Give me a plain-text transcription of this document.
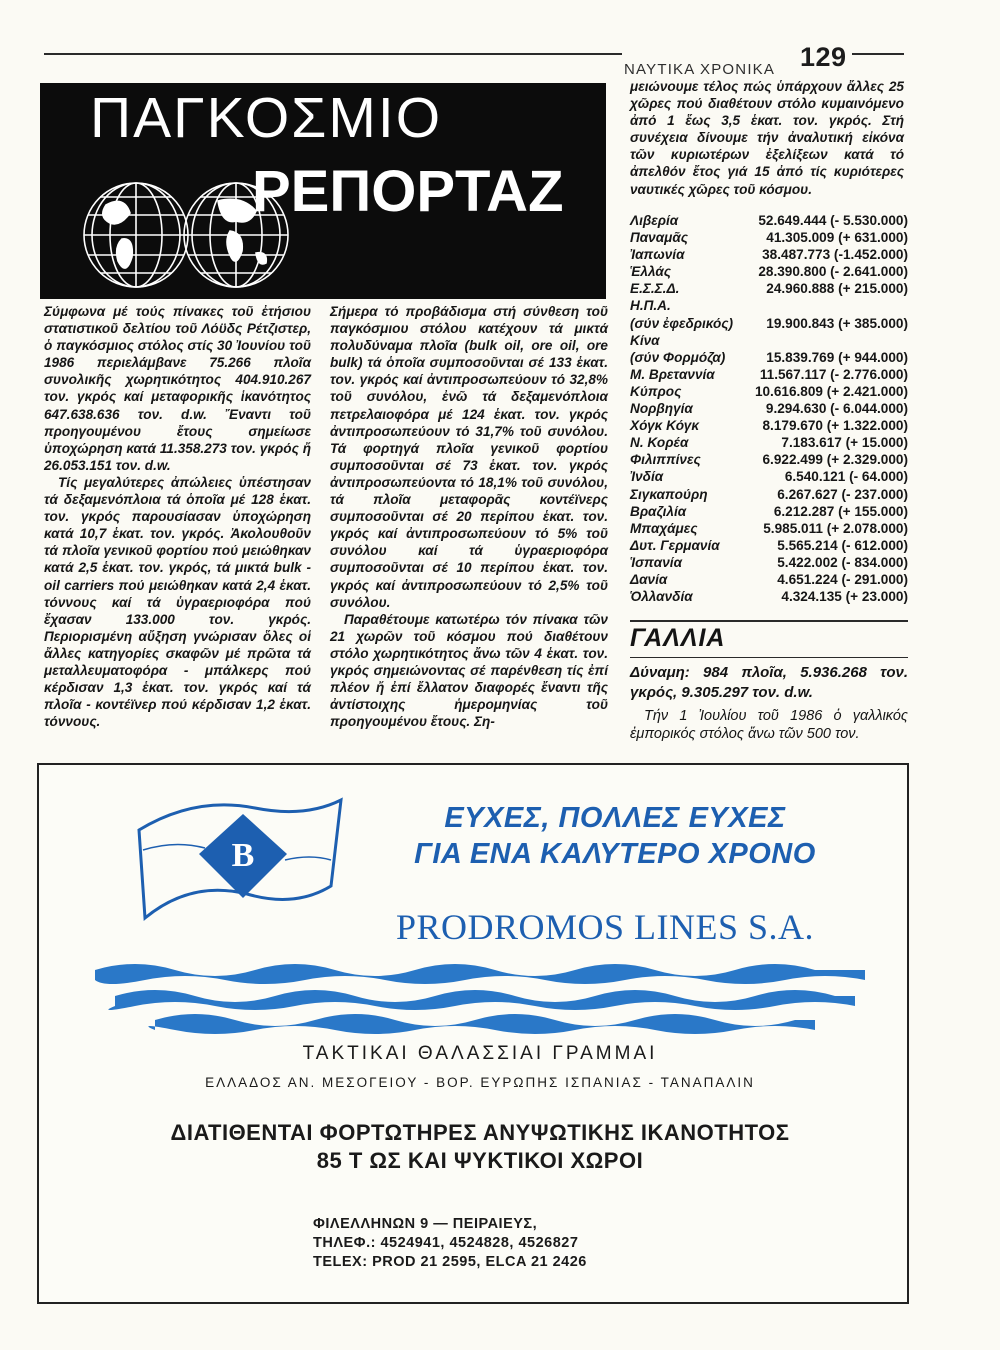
ΝΑΥΤΙΚΑ ΧΡΟΝΙΚΑ 129
ΠΑΓΚΟΣΜΙΟ
ΡΕΠΟΡΤΑΖ

Σύμφωνα μέ τούς πίνακες τοῦ ἐτήσιου στατιστικοῦ δελτίου τοῦ Λόϋδς Ρέτζιστερ, ὁ παγκόσμιος στόλος στίς 30 Ἰουνίου τοῦ 1986 περιελάμβανε 75.266 πλοῖα συνολικῆς χωρητικότητος 404.910.267 τον. γκρός καί μεταφορικῆς ἱκανότητος 647.638.636 τον. d.w. Ἔναντι τοῦ προηγουμένου ἔτους σημείωσε ὑποχώρηση κατά 11.358.273 τον. γκρός ἤ 26.053.151 τον. d.w.

Τίς μεγαλύτερες ἀπώλειες ὑπέστησαν τά δεξαμενόπλοια τά ὁποῖα μέ 128 ἑκατ. τον. γκρός παρουσίασαν ὑποχώρηση κατά 10,7 ἑκατ. τον. γκρός. Ἀκολουθοῦν τά πλοῖα γενικοῦ φορτίου πού μειώθηκαν κατά 2,5 ἑκατ. τον. γκρός, τά μικτά bulk - oil carriers πού μειώθηκαν κατά 2,4 ἑκατ. τόννους καί τά ὑγραεριοφόρα πού ἔχασαν 133.000 τον. γκρός. Περιορισμένη αὔξηση γνώρισαν ὅλες οἱ ἄλλες κατηγορίες σκαφῶν μέ πρῶτα τά μεταλλευματοφόρα - μπάλκερς πού κέρδισαν 1,3 ἑκατ. τον. γκρός καί τά πλοῖα - κοντέϊνερ πού κέρδισαν 1,2 ἑκατ. τόννους.

Σήμερα τό προβάδισμα στή σύνθεση τοῦ παγκόσμιου στόλου κατέχουν τά μικτά πολυδύναμα πλοῖα (bulk oil, ore oil, ore bulk) τά ὁποῖα συμποσοῦνται σέ 133 ἑκατ. τον. γκρός καί ἀντιπροσωπεύουν τό 32,8% τοῦ συνόλου, ἐνῶ τά δεξαμενόπλοια πετρελαιοφόρα μέ 124 ἑκατ. τον. γκρός ἀντιπροσωπεύουν τό 31,7% τοῦ συνόλου. Τά φορτηγά πλοῖα γενικοῦ φορτίου συμποσοῦνται σέ 73 ἑκατ. τον. γκρός ἀντιπροσωπεύοντα τό 18,1% τοῦ συνόλου, τά πλοῖα μεταφορᾶς κοντέϊνερς συμποσοῦνται σέ 20 περίπου ἑκατ. τον. γκρός καί ἀντιπροσωπεύουν τό 5% τοῦ συνόλου καί τά ὑγραεριοφόρα συμποσοῦνται σέ 10 περίπου ἑκατ. τον. γκρός καί ἀντιπροσωπεύουν τό 2,5% τοῦ συνόλου.

Παραθέτουμε κατωτέρω τόν πίνακα τῶν 21 χωρῶν τοῦ κόσμου πού διαθέτουν στόλο χωρητικότητος ἄνω τῶν 4 ἑκατ. τον. γκρός σημειώνοντας σέ παρένθεση τίς ἐπί πλέον ἤ ἐπί ἔλλατον διαφορές ἔναντι τῆς ἀντίστοιχης ἡμερομηνίας τοῦ προηγουμένου ἔτους. Ση-

μειώνουμε τέλος πώς ὑπάρχουν ἄλλες 25 χῶρες πού διαθέτουν στόλο κυμαινόμενο ἀπό 1 ἕως 3,5 ἑκατ. τον. γκρός. Στή συνέχεια δίνουμε τήν ἀναλυτική εἰκόνα τῶν κυριωτέρων ἐξελίξεων κατά τό ἀπελθόν ἔτος γιά 15 ἀπό τίς κυριότερες ναυτικές χῶρες τοῦ κόσμου.

Λιβερία	52.649.444 (- 5.530.000)
Παναμᾶς	41.305.009 (+ 631.000)
Ἰαπωνία	38.487.773 (-1.452.000)
Ἑλλάς	28.390.800 (- 2.641.000)
Ε.Σ.Σ.Δ.	24.960.888 (+ 215.000)
Η.Π.Α.
(σύν ἐφεδρικός) 19.900.843 (+ 385.000)
Κίνα
(σύν Φορμόζα)	15.839.769 (+ 944.000)
Μ. Βρεταννία	11.567.117 (- 2.776.000)
Κύπρος	10.616.809 (+ 2.421.000)
Νορβηγία	9.294.630 (- 6.044.000)
Χόγκ Κόγκ	8.179.670 (+ 1.322.000)
Ν. Κορέα	7.183.617 (+ 15.000)
Φιλιππίνες	6.922.499 (+ 2.329.000)
Ἰνδία	6.540.121 (- 64.000)
Σιγκαπούρη	6.267.627 (- 237.000)
Βραζιλία	6.212.287 (+ 155.000)
Μπαχάμες	5.985.011 (+ 2.078.000)
Δυτ. Γερμανία	5.565.214 (- 612.000)
Ἱσπανία	5.422.002 (- 834.000)
Δανία	4.651.224 (- 291.000)
Ὁλλανδία	4.324.135 (+ 23.000)
ΓΑΛΛΙΑ
Δύναμη: 984 πλοῖα, 5.936.268 τον. γκρός, 9.305.297 τον. d.w.
Τήν 1 Ἰουλίου τοῦ 1986 ὁ γαλλικός ἐμπορικός στόλος ἄνω τῶν 500 τον.
B
ΕΥΧΕΣ, ΠΟΛΛΕΣ ΕΥΧΕΣ
ΓΙΑ ΕΝΑ ΚΑΛΥΤΕΡΟ ΧΡΟΝΟ
PRODROMOS LINES S.A.
ΤΑΚΤΙΚΑΙ ΘΑΛΑΣΣΙΑΙ ΓΡΑΜΜΑΙ
ΕΛΛΑΔΟΣ ΑΝ. ΜΕΣΟΓΕΙΟΥ - ΒΟΡ. ΕΥΡΩΠΗΣ ΙΣΠΑΝΙΑΣ - ΤΑΝΑΠΑΛΙΝ
ΔΙΑΤΙΘΕΝΤΑΙ ΦΟΡΤΩΤΗΡΕΣ ΑΝΥΨΩΤΙΚΗΣ ΙΚΑΝΟΤΗΤΟΣ
85 Τ ΩΣ ΚΑΙ ΨΥΚΤΙΚΟΙ ΧΩΡΟΙ
ΦΙΛΕΛΛΗΝΩΝ 9 — ΠΕΙΡΑΙΕΥΣ,
ΤΗΛΕΦ.: 4524941, 4524828, 4526827
TELEX: PROD 21 2595, ELCA 21 2426
